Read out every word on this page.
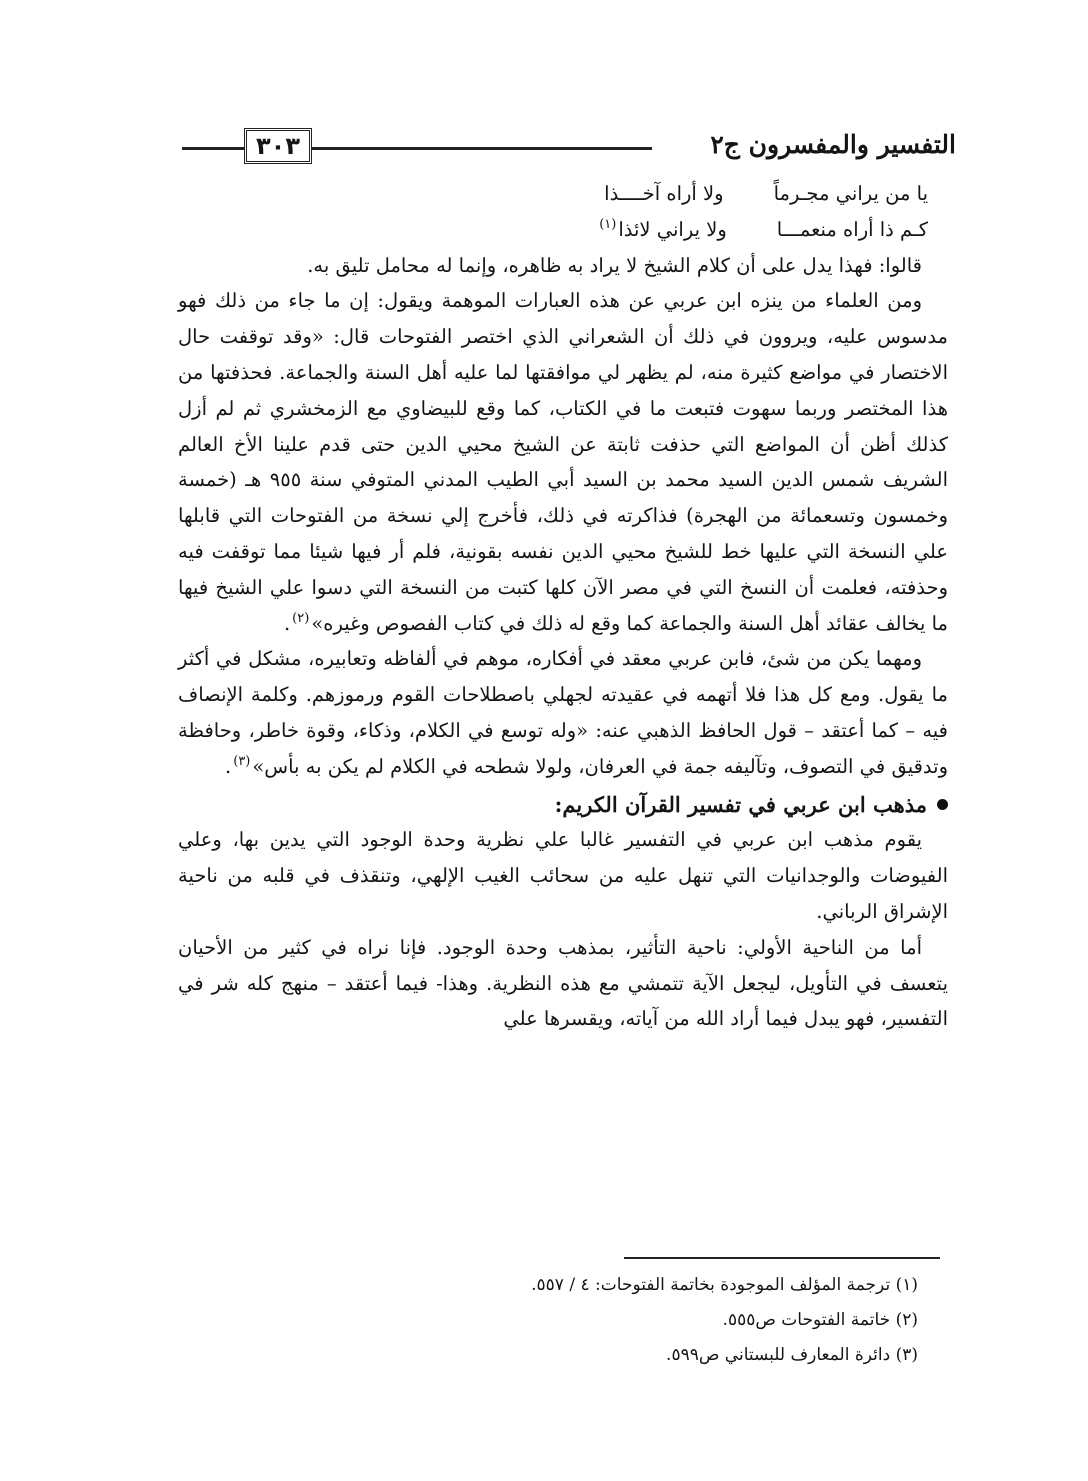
٣٠٣	التفسير والمفسرون ج٢
يا من يراني مجـرماً
ولا أراه آخــــذا
كـم ذا أراه منعمـــا
ولا يراني لائذا$^{(١)}$

قالوا: فهذا يدل على أن كلام الشيخ لا يراد به ظاهره، وإنما له محامل تليق به.

ومن العلماء من ينزه ابن عربي عن هذه العبارات الموهمة ويقول: إن ما جاء من ذلك فهو مدسوس عليه، ويروون في ذلك أن الشعراني الذي اختصر الفتوحات قال: «وقد توقفت حال الاختصار في مواضع كثيرة منه، لم يظهر لي موافقتها لما عليه أهل السنة والجماعة. فحذفتها من هذا المختصر وربما سهوت فتبعت ما في الكتاب، كما وقع للبيضاوي مع الزمخشري ثم لم أزل كذلك أظن أن المواضع التي حذفت ثابتة عن الشيخ محيي الدين حتى قدم علينا الأخ العالم الشريف شمس الدين السيد محمد بن السيد أبي الطيب المدني المتوفي سنة ٩٥٥ هـ (خمسة وخمسون وتسعمائة من الهجرة) فذاكرته في ذلك، فأخرج إلي نسخة من الفتوحات التي قابلها علي النسخة التي عليها خط للشيخ محيي الدين نفسه بقونية، فلم أر فيها شيئا مما توقفت فيه وحذفته، فعلمت أن النسخ التي في مصر الآن كلها كتبت من النسخة التي دسوا علي الشيخ فيها ما يخالف عقائد أهل السنة والجماعة كما وقع له ذلك في كتاب الفصوص وغيره»$^{(٢)}$.

ومهما يكن من شئ، فابن عربي معقد في أفكاره، موهم في ألفاظه وتعابيره، مشكل في أكثر ما يقول. ومع كل هذا فلا أتهمه في عقيدته لجهلي باصطلاحات القوم ورموزهم. وكلمة الإنصاف فيه – كما أعتقد – قول الحافظ الذهبي عنه: «وله توسع في الكلام، وذكاء، وقوة خاطر، وحافظة وتدقيق في التصوف، وتآليفه جمة في العرفان، ولولا شطحه في الكلام لم يكن به بأس»$^{(٣)}$.

مذهب ابن عربي في تفسير القرآن الكريم:

يقوم مذهب ابن عربي في التفسير غالبا علي نظرية وحدة الوجود التي يدين بها، وعلي الفيوضات والوجدانيات التي تنهل عليه من سحائب الغيب الإلهي، وتنقذف في قلبه من ناحية الإشراق الرباني.

أما من الناحية الأولي: ناحية التأثير، بمذهب وحدة الوجود. فإنا نراه في كثير من الأحيان يتعسف في التأويل، ليجعل الآية تتمشي مع هذه النظرية. وهذا- فيما أعتقد – منهج كله شر في التفسير، فهو يبدل فيما أراد الله من آياته، ويقسرها علي

(١) ترجمة المؤلف الموجودة بخاتمة الفتوحات: ٤ / ٥٥٧.

(٢) خاتمة الفتوحات ص٥٥٥.

(٣) دائرة المعارف للبستاني ص٥٩٩.
